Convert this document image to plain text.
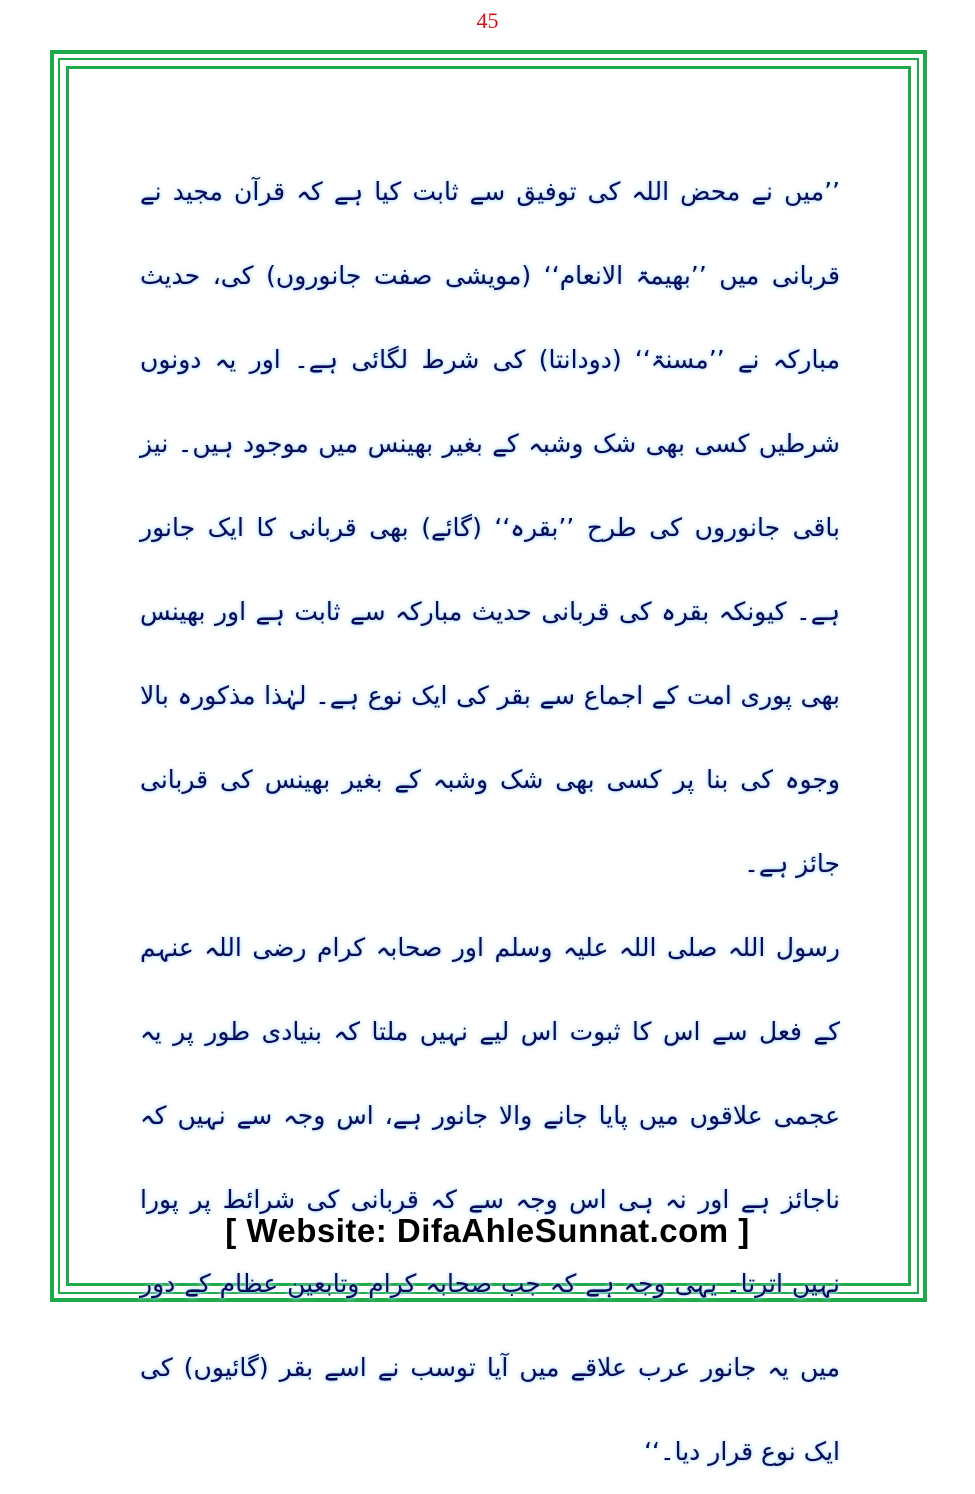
45

’’میں نے محض اللہ کی توفیق سے ثابت کیا ہے کہ قرآن مجید نے قربانی میں ’’بھیمۃ الانعام‘‘ (مویشی صفت جانوروں) کی، حدیث مبارکہ نے ’’مسنۃ‘‘ (دودانتا) کی شرط لگائی ہے۔ اور یہ دونوں شرطیں کسی بھی شک وشبہ کے بغیر بھینس میں موجود ہیں۔ نیز باقی جانوروں کی طرح ’’بقرہ‘‘ (گائے) بھی قربانی کا ایک جانور ہے۔ کیونکہ بقرہ کی قربانی حدیث مبارکہ سے ثابت ہے اور بھینس بھی پوری امت کے اجماع سے بقر کی ایک نوع ہے۔ لہٰذا مذکورہ بالا وجوہ کی بنا پر کسی بھی شک وشبہ کے بغیر بھینس کی قربانی جائز ہے۔

رسول اللہ صلی اللہ علیہ وسلم اور صحابہ کرام رضی اللہ عنہم کے فعل سے اس کا ثبوت اس لیے نہیں ملتا کہ بنیادی طور پر یہ عجمی علاقوں میں پایا جانے والا جانور ہے، اس وجہ سے نہیں کہ ناجائز ہے اور نہ ہی اس وجہ سے کہ قربانی کی شرائط پر پورا نہیں اترتا۔ یہی وجہ ہے کہ جب صحابہ کرام وتابعین عظام کے دور میں یہ جانور عرب علاقے میں آیا توسب نے اسے بقر (گائیوں) کی ایک نوع قرار دیا۔‘‘

[ Website: DifaAhleSunnat.com ]
